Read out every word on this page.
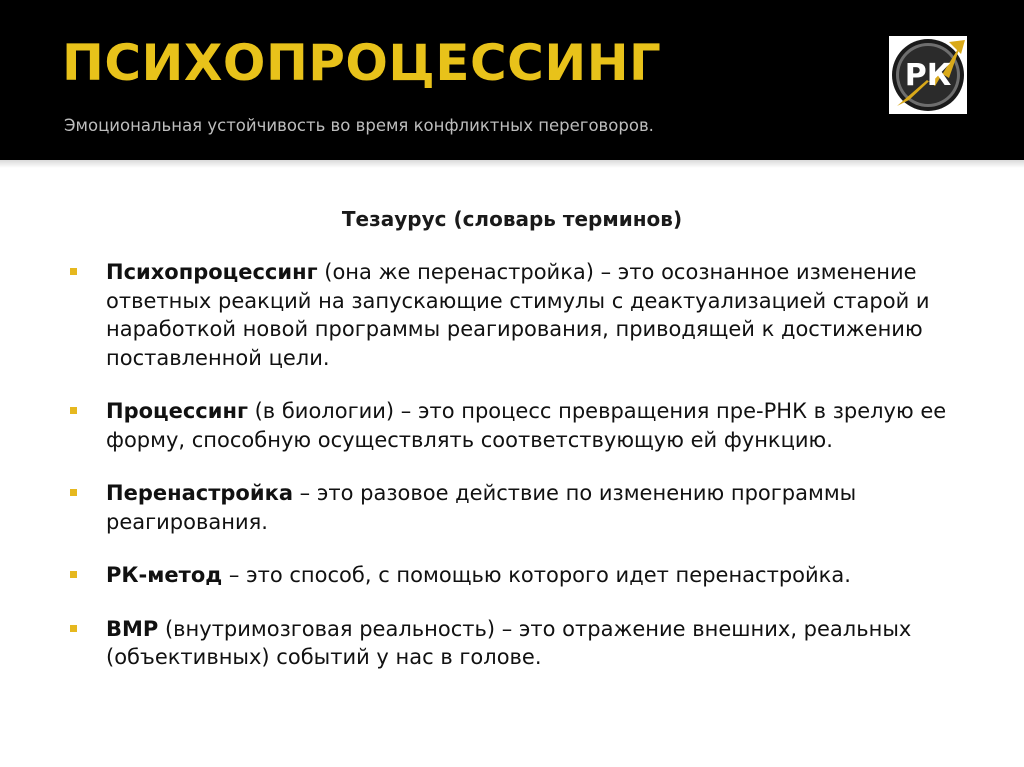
ПСИХОПРОЦЕССИНГ
Эмоциональная устойчивость во время конфликтных переговоров.
РК
Тезаурус (словарь терминов)
Психопроцессинг (она же перенастройка) – это осознанное изменение ответных реакций на запускающие стимулы с деактуализацией старой и наработкой новой программы реагирования, приводящей к достижению поставленной цели.
Процессинг (в биологии) – это процесс превращения пре-РНК в зрелую ее форму, способную осуществлять соответствующую ей функцию.
Перенастройка – это разовое действие по изменению программы реагирования.
РК-метод – это способ, с помощью которого идет перенастройка.
ВМР (внутримозговая реальность) – это отражение внешних, реальных (объективных) событий у нас в голове.
